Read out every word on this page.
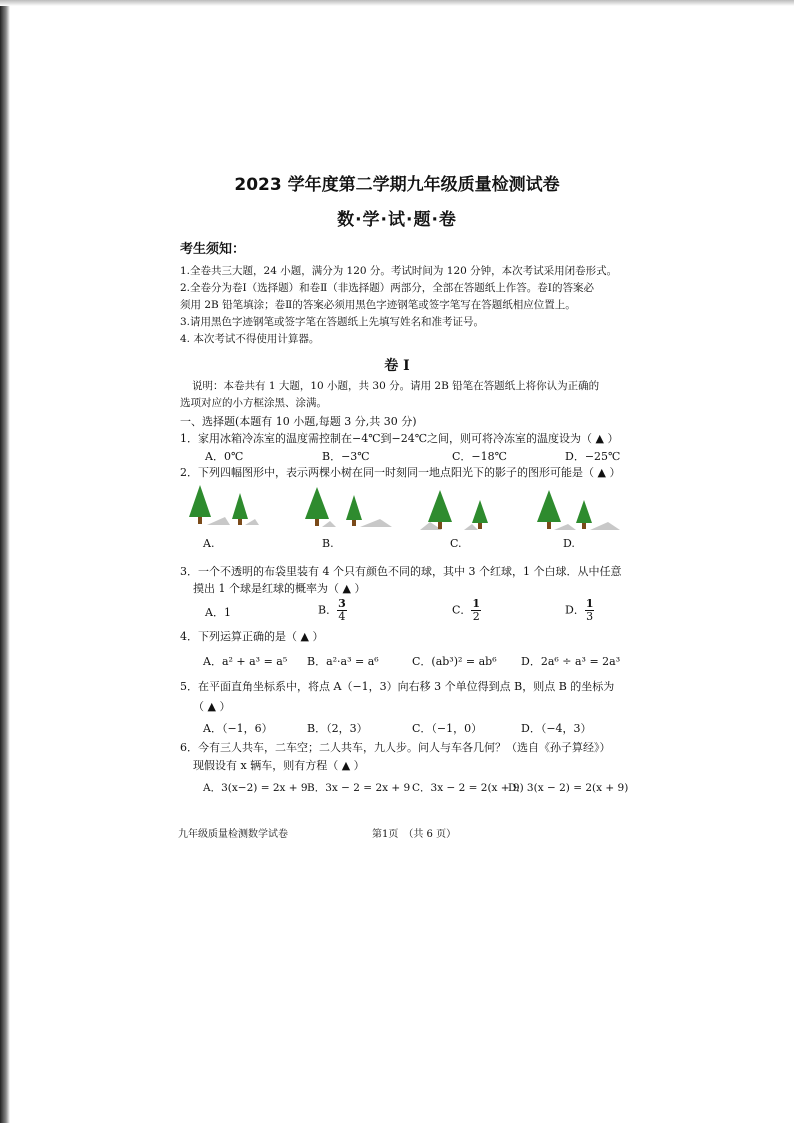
2023 学年度第二学期九年级质量检测试卷
数·学·试·题·卷
考生须知：
1.全卷共三大题，24 小题，满分为 120 分。考试时间为 120 分钟，本次考试采用闭卷形式。
2.全卷分为卷Ⅰ（选择题）和卷Ⅱ（非选择题）两部分，全部在答题纸上作答。卷Ⅰ的答案必
须用 2B 铅笔填涂；卷Ⅱ的答案必须用黑色字迹钢笔或签字笔写在答题纸相应位置上。
3.请用黑色字迹钢笔或签字笔在答题纸上先填写姓名和准考证号。
4. 本次考试不得使用计算器。
卷 Ⅰ
说明：本卷共有 1 大题，10 小题，共 30 分。请用 2B 铅笔在答题纸上将你认为正确的
选项对应的小方框涂黑、涂满。
一、选择题(本题有 10 小题,每题 3 分,共 30 分)
1．家用冰箱冷冻室的温度需控制在−4℃到−24℃之间，则可将冷冻室的温度设为（ ▲ ）
A．0℃	B．−3℃	C．−18℃	D．−25℃
2．下列四幅图形中，表示两棵小树在同一时刻同一地点阳光下的影子的图形可能是（ ▲ ）
A.	B.	C.	D.
3．一个不透明的布袋里装有 4 个只有颜色不同的球，其中 3 个红球，1 个白球．从中任意
摸出 1 个球是红球的概率为（ ▲ ）
A．1	B． $\frac{3}{4}$	C． $\frac{1}{2}$	D． $\frac{1}{3}$
4．下列运算正确的是（ ▲ ）
A．a² + a³ = a⁵ B．a²·a³ = a⁶	C．(ab³)² = ab⁶ D．2a⁶ ÷ a³ = 2a³
5．在平面直角坐标系中，将点 A（−1，3）向右移 3 个单位得到点 B，则点 B 的坐标为
（ ▲ ）
A．（−1，6）	B．（2，3）	C．（−1，0）	D．（−4，3）
6．今有三人共车，二车空；二人共车，九人步。问人与车各几何？（选自《孙子算经》）
现假设有 x 辆车，则有方程（ ▲ ）
A．3(x−2) = 2x + 9 B．3x − 2 = 2x + 9 C．3x − 2 = 2(x + 9)
D．3(x − 2) = 2(x + 9)
九年级质量检测数学试卷	第1页　（共 6 页）
